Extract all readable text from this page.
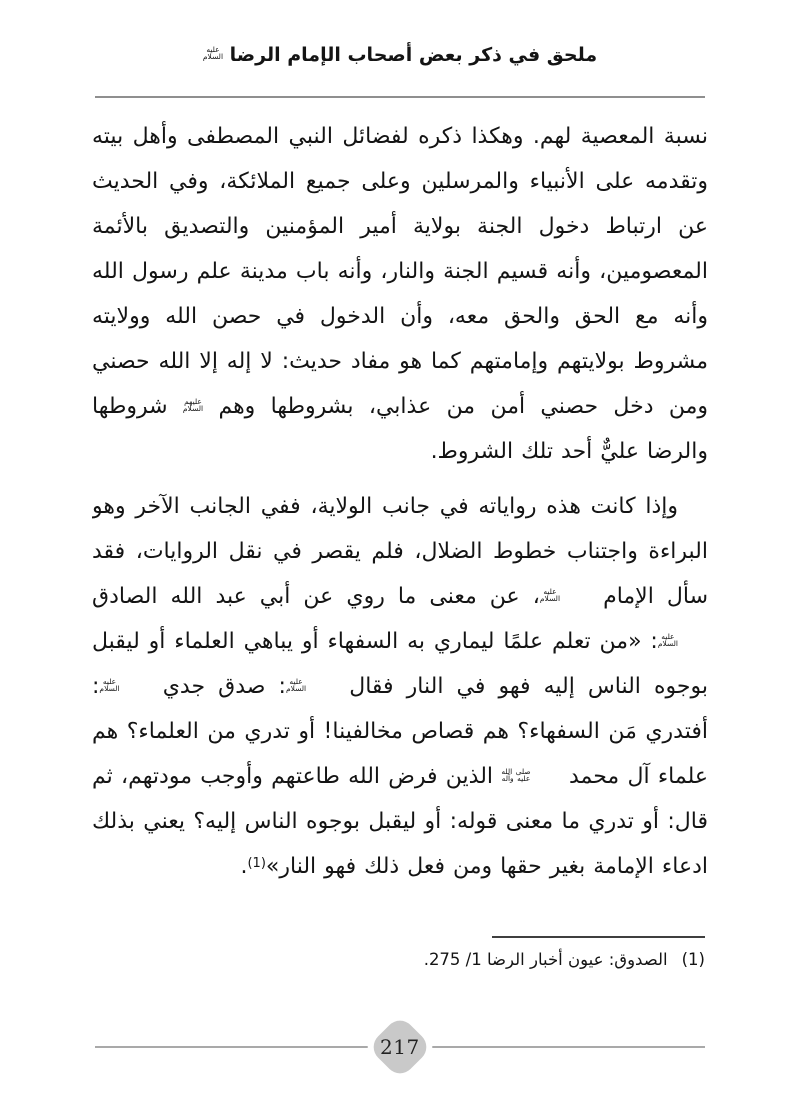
ملحق في ذكر بعض أصحاب الإمام الرضا
عليه
السلام

نسبة المعصية لهم. وهكذا ذكره لفضائل النبي المصطفى وأهل بيته وتقدمه على الأنبياء والمرسلين وعلى جميع الملائكة، وفي الحديث عن ارتباط دخول الجنة بولاية أمير المؤمنين والتصديق بالأئمة المعصومين، وأنه قسيم الجنة والنار، وأنه باب مدينة علم رسول الله وأنه مع الحق والحق معه، وأن الدخول في حصن الله وولايته مشروط بولايتهم وإمامتهم كما هو مفاد حديث: لا إله إلا الله حصني ومن دخل حصني أمن من عذابي، بشروطها وهم
عليهم
السلام
شروطها والرضا عليٌّ أحد تلك الشروط.

وإذا كانت هذه رواياته في جانب الولاية، ففي الجانب الآخر وهو البراءة واجتناب خطوط الضلال، فلم يقصر في نقل الروايات، فقد سأل الإمام
عليه
السلام
، عن معنى ما روي عن أبي عبد الله الصادق
عليه
السلام
: «من تعلم علمًا ليماري به السفهاء أو يباهي العلماء أو ليقبل بوجوه الناس إليه فهو في النار فقال
عليه
السلام
: صدق جدي
عليه
السلام
: أفتدري مَن السفهاء؟ هم قصاص مخالفينا! أو تدري من العلماء؟ هم علماء آل محمد
صلى الله
عليه وآله
الذين فرض الله طاعتهم وأوجب مودتهم، ثم قال: أو تدري ما معنى قوله: أو ليقبل بوجوه الناس إليه؟ يعني بذلك ادعاء الإمامة بغير حقها ومن فعل ذلك فهو النار»$^{(1)}$.

(1)
الصدوق: عيون أخبار الرضا 1/ 275.
217
